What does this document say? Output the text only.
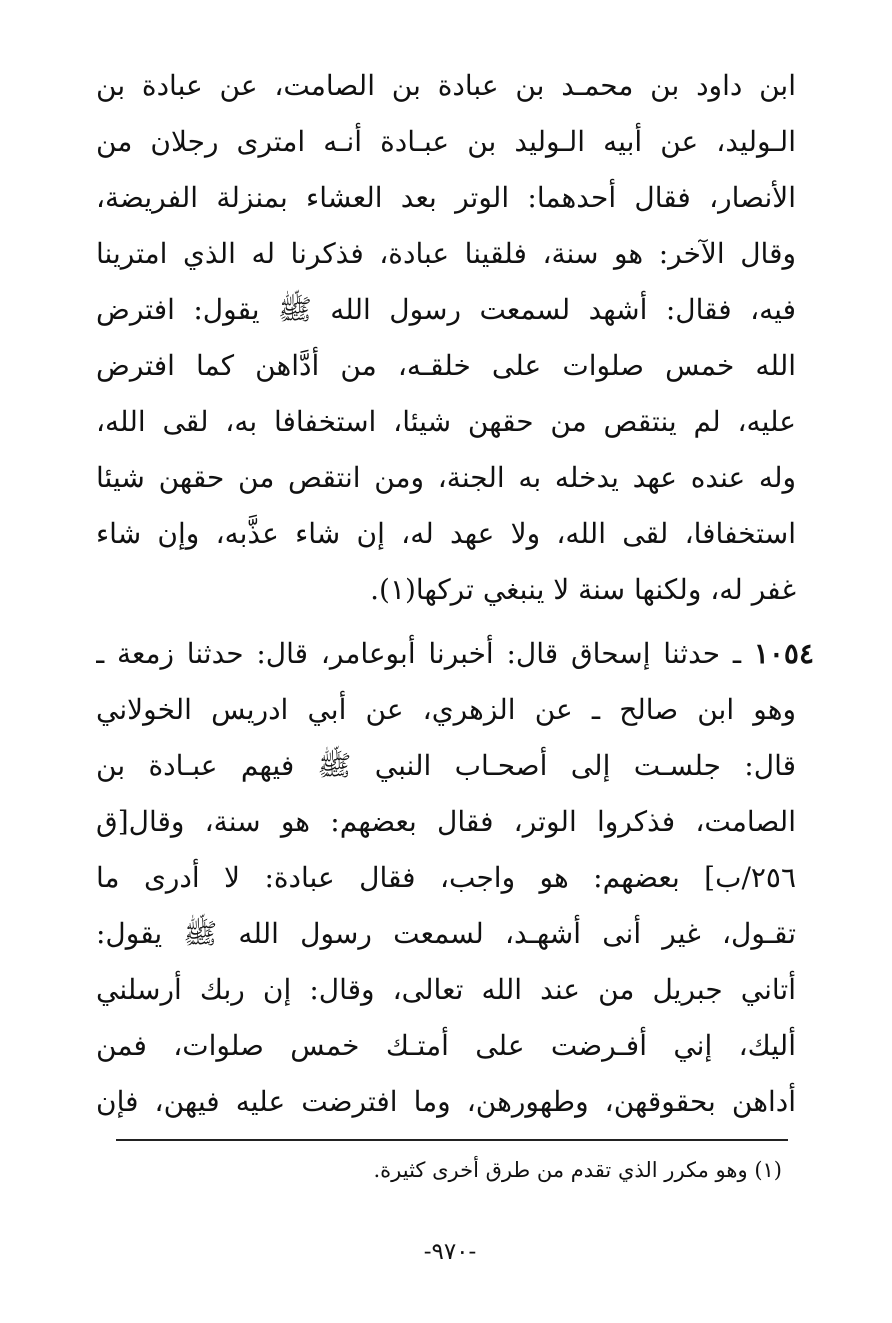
ابن داود بن محمـد بن عبادة بن الصامت، عن عبادة بن
الـوليد، عن أبيه الـوليد بن عبـادة أنـه امترى رجلان من
الأنصار، فقال أحدهما: الوتر بعد العشاء بمنزلة الفريضة،
وقال الآخر: هو سنة، فلقينا عبادة، فذكرنا له الذي امترينا
فيه، فقال: أشهد لسمعت رسول الله ﷺ يقول: افترض
الله خمس صلوات على خلقـه، من أدَّاهن كما افترض
عليه، لم ينتقص من حقهن شيئا، استخفافا به، لقى الله،
وله عنده عهد يدخله به الجنة، ومن انتقص من حقهن شيئا
استخفافا، لقى الله، ولا عهد له، إن شاء عذَّبه، وإن شاء
غفر له، ولكنها سنة لا ينبغي تركها(١).
١٠٥٤ ـ حدثنا إسحاق قال: أخبرنا أبوعامر، قال: حدثنا زمعة ـ
وهو ابن صالح ـ عن الزهري، عن أبي ادريس الخولاني
قال: جلسـت إلى أصحـاب النبي ﷺ فيهم عبـادة بن
الصامت، فذكروا الوتر، فقال بعضهم: هو سنة، وقال[ق
٢٥٦/ب] بعضهم: هو واجب، فقال عبادة: لا أدرى ما
تقـول، غير أنى أشهـد، لسمعت رسول الله ﷺ يقول:
أتاني جبريل من عند الله تعالى، وقال: إن ربك أرسلني
أليك، إني أفـرضت على أمتـك خمس صلوات، فمن
أداهن بحقوقهن، وطهورهن، وما افترضت عليه فيهن، فإن
(١) وهو مكرر الذي تقدم من طرق أخرى كثيرة.
-٩٧٠-
